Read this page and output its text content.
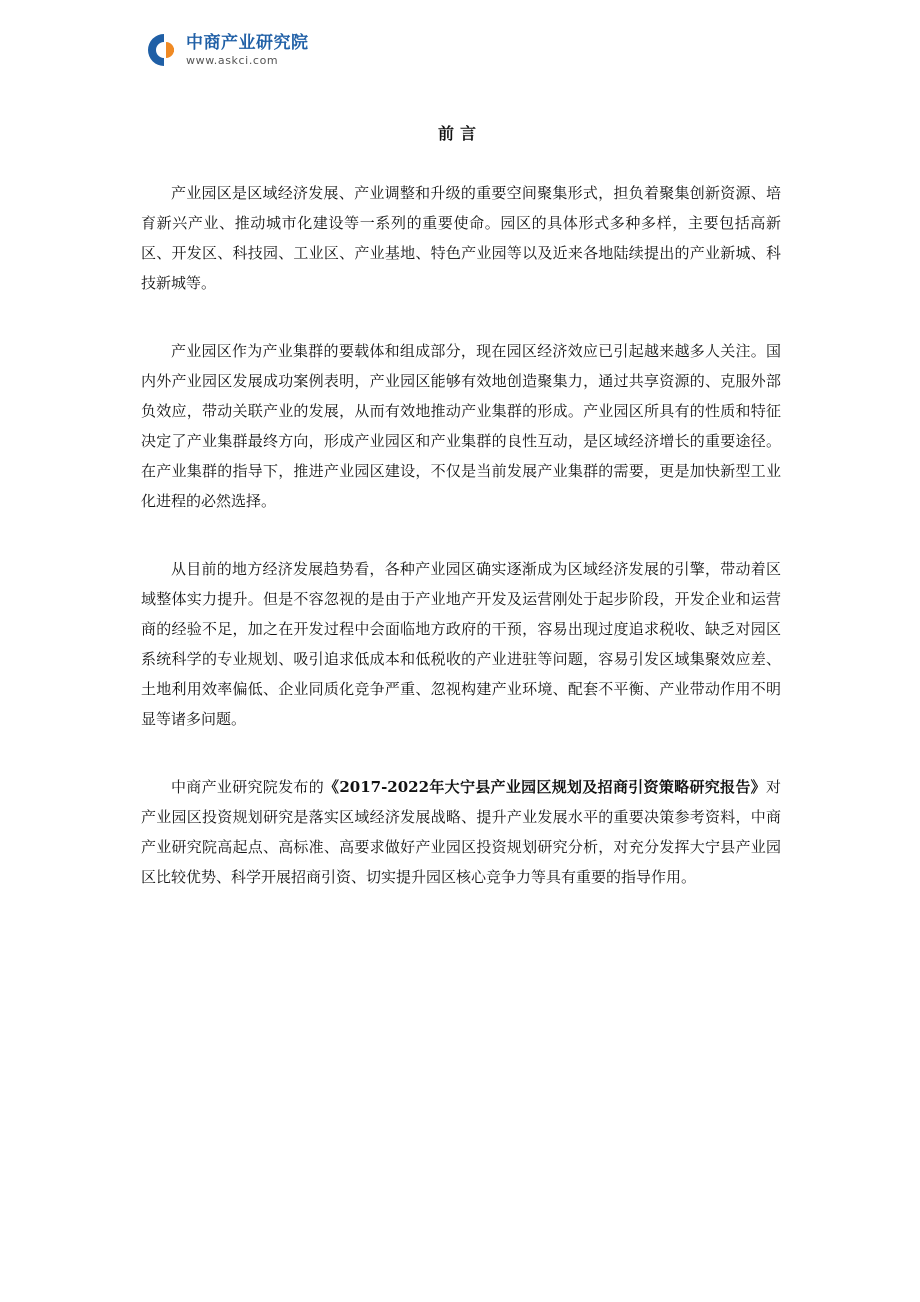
中商产业研究院
www.askci.com
前言

产业园区是区域经济发展、产业调整和升级的重要空间聚集形式，担负着聚集创新资源、培育新兴产业、推动城市化建设等一系列的重要使命。园区的具体形式多种多样，主要包括高新区、开发区、科技园、工业区、产业基地、特色产业园等以及近来各地陆续提出的产业新城、科技新城等。

产业园区作为产业集群的要载体和组成部分，现在园区经济效应已引起越来越多人关注。国内外产业园区发展成功案例表明，产业园区能够有效地创造聚集力，通过共享资源的、克服外部负效应，带动关联产业的发展，从而有效地推动产业集群的形成。产业园区所具有的性质和特征决定了产业集群最终方向，形成产业园区和产业集群的良性互动，是区域经济增长的重要途径。在产业集群的指导下，推进产业园区建设，不仅是当前发展产业集群的需要，更是加快新型工业化进程的必然选择。

从目前的地方经济发展趋势看，各种产业园区确实逐渐成为区域经济发展的引擎，带动着区域整体实力提升。但是不容忽视的是由于产业地产开发及运营刚处于起步阶段，开发企业和运营商的经验不足，加之在开发过程中会面临地方政府的干预，容易出现过度追求税收、缺乏对园区系统科学的专业规划、吸引追求低成本和低税收的产业进驻等问题，容易引发区域集聚效应差、土地利用效率偏低、企业同质化竞争严重、忽视构建产业环境、配套不平衡、产业带动作用不明显等诸多问题。

中商产业研究院发布的《2017-2022年大宁县产业园区规划及招商引资策略研究报告》对产业园区投资规划研究是落实区域经济发展战略、提升产业发展水平的重要决策参考资料，中商产业研究院高起点、高标准、高要求做好产业园区投资规划研究分析，对充分发挥大宁县产业园区比较优势、科学开展招商引资、切实提升园区核心竞争力等具有重要的指导作用。
